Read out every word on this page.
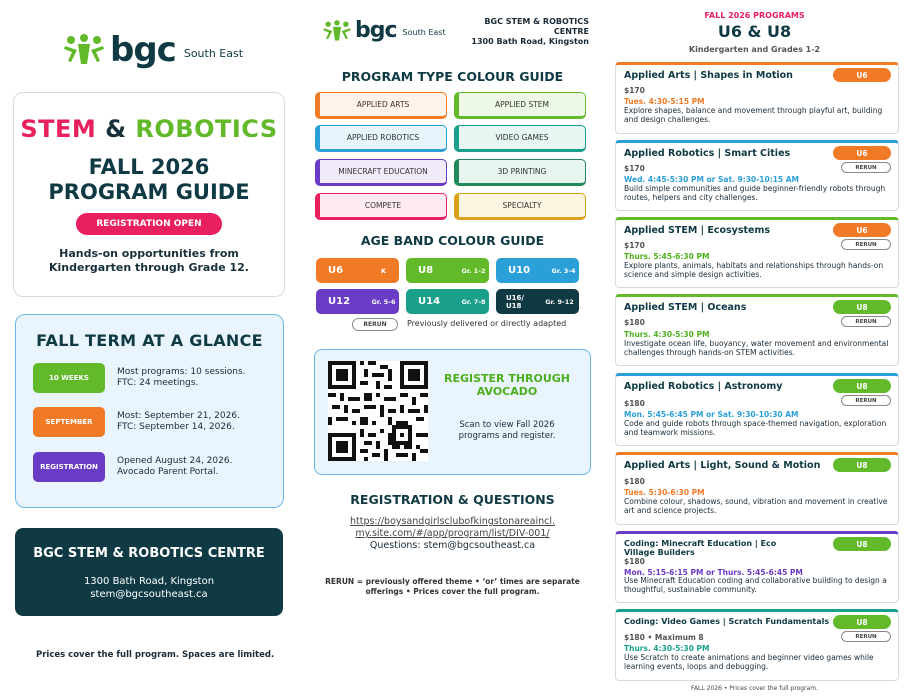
bgc South East
STEM & ROBOTICS
FALL 2026
PROGRAM GUIDE
REGISTRATION OPEN
Hands-on opportunities from
Kindergarten through Grade 12.
FALL TERM AT A GLANCE
10 WEEKS
Most programs: 10 sessions.
FTC: 24 meetings.
SEPTEMBER
Most: September 21, 2026.
FTC: September 14, 2026.
REGISTRATION
Opened August 24, 2026.
Avocado Parent Portal.
BGC STEM & ROBOTICS CENTRE
1300 Bath Road, Kingston
stem@bgcsoutheast.ca
Prices cover the full program. Spaces are limited.
bgc South East
BGC STEM & ROBOTICS
CENTRE
1300 Bath Road, Kingston
PROGRAM TYPE COLOUR GUIDE
APPLIED ARTS	APPLIED STEM
APPLIED ROBOTICS	VIDEO GAMES
MINECRAFT EDUCATION	3D PRINTING
COMPETE	SPECIALTY
AGE BAND COLOUR GUIDE
U6	K	U8	Gr. 1-2	U10	Gr. 3-4
U12	Gr. 5-6	U14	Gr. 7-8	U16/ U18	Gr. 9-12
RERUN	Previously delivered or directly adapted
REGISTER THROUGH
AVOCADO
Scan to view Fall 2026
programs and register.
REGISTRATION & QUESTIONS
https://boysandgirlsclubofkingstonareaincl.
my.site.com/#/app/program/list/DIV-001/
Questions: stem@bgcsoutheast.ca
RERUN = previously offered theme • ‘or’ times are separate
offerings • Prices cover the full program.
FALL 2026 PROGRAMS
U6 & U8
Kindergarten and Grades 1-2
Applied Arts | Shapes in Motion	U6
$170
Tues. 4:30-5:15 PM
Explore shapes, balance and movement through playful art, building
and design challenges.
Applied Robotics | Smart Cities	U6
RERUN
$170
Wed. 4:45-5:30 PM or Sat. 9:30-10:15 AM
Build simple communities and guide beginner-friendly robots through
routes, helpers and city challenges.
Applied STEM | Ecosystems	U6
RERUN
$170
Thurs. 5:45-6:30 PM
Explore plants, animals, habitats and relationships through hands-on
science and simple design activities.
Applied STEM | Oceans	U8
RERUN
$180
Thurs. 4:30-5:30 PM
Investigate ocean life, buoyancy, water movement and environmental
challenges through hands-on STEM activities.
Applied Robotics | Astronomy	U8
RERUN
$180
Mon. 5:45-6:45 PM or Sat. 9:30-10:30 AM
Code and guide robots through space-themed navigation, exploration
and teamwork missions.
Applied Arts | Light, Sound & Motion	U8
$180
Tues. 5:30-6:30 PM
Combine colour, shadows, sound, vibration and movement in creative
art and science projects.
Coding: Minecraft Education | Eco Village Builders
U8
$180
Mon. 5:15-6:15 PM or Thurs. 5:45-6:45 PM
Use Minecraft Education coding and collaborative building to design a
thoughtful, sustainable community.
Coding: Video Games | Scratch Fundamentals	U8
RERUN
$180 • Maximum 8
Thurs. 4:30-5:30 PM
Use Scratch to create animations and beginner video games while
learning events, loops and debugging.
FALL 2026 • Prices cover the full program.
